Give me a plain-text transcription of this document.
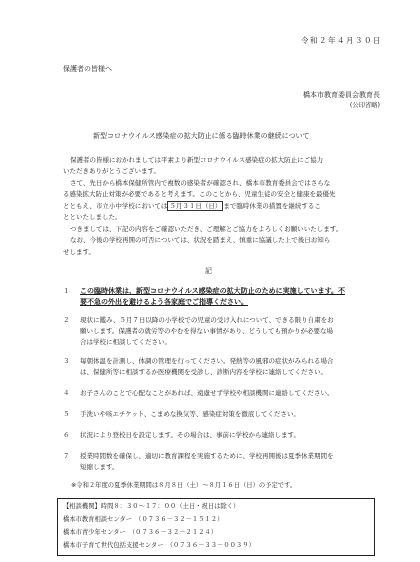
令和２年４月３０日
保護者の皆様へ
橋本市教育委員会教育長
(公印省略)
新型コロナウイルス感染症の拡大防止に係る臨時休業の継続について
保護者の皆様におかれましては平素より新型コロナウイルス感染症の拡大防止にご協力
いただきありがとうございます。
さて、先日から橋本保健所管内で複数の感染者が確認され、橋本市教育委員会ではさらな
る感染拡大防止対策が必要であると考えます。このことから、児童生徒の安全と健康を最優先
とともえ、市立小中学校においては ５月３１日（日） まで臨時休業の措置を継続するこ
とといたしました。
つきましては、下記の内容をご確認いただき、ご理解とご協力をよろしくお願いいたします。
なお、今後の学校再開の可否については、状況を踏まえ、慎重に協議した上で後日お知ら
せします。
記
１ この臨時休業は、新型コロナウイルス感染症の拡大防止のために実施しています。不
要不急の外出を避けるよう各家庭でご指導ください。
２ 現状に鑑み、５月７日以降の小学校での児童の受け入れについて、できる限り自粛をお
願いします。保護者の就労等のやむを得ない事情があり、どうしても預かりが必要な場
合は学校に相談してください。
３ 毎朝体温を計測し、体調の管理を行ってください。発熱等の風邪の症状がみられる場合
は、保健所等に相談するか医療機関を受診し、診断内容を学校に連絡してください。
４ お子さんのことで心配なことがあれば、遠慮せず学校や相談機関に連絡してください。
５ 手洗いや咳エチケット、こまめな換気等、感染症対策を徹底してください。
６ 状況により登校日を設定します。その場合は、事前に学校から連絡します。
７ 授業時間数を確保し、適切に教育課程を実施するために、学校再開後は夏季休業期間を
短縮します。
※令和２年度の夏季休業期間は８月８日（土）～８月１６日（日）の予定です。
【相談機関】時間８：３０～１７：００（土日・祝日は除く）
橋本市教育相談センター　（０７３６－３２－１５１２）
橋本市青少年センター　（０７３６－３２－２１２４）
橋本市子育て世代包括支援センター　（０７３６－３３－００３９）
